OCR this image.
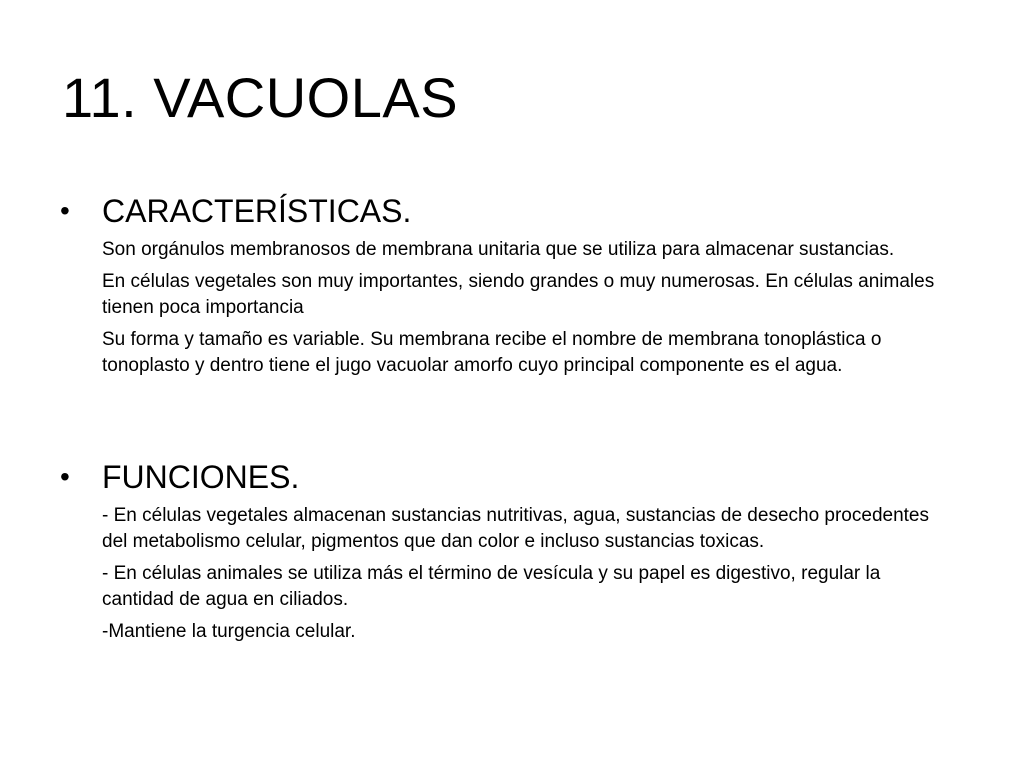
11. VACUOLAS
• CARACTERÍSTICAS.
Son orgánulos membranosos de membrana unitaria que se utiliza para almacenar sustancias.
En células vegetales son muy importantes, siendo grandes o muy numerosas. En células animales tienen poca importancia
Su forma y tamaño es variable. Su membrana recibe el nombre de membrana tonoplástica o tonoplasto y dentro tiene el jugo vacuolar amorfo cuyo principal componente es el agua.
• FUNCIONES.
- En células vegetales almacenan sustancias nutritivas, agua, sustancias de desecho procedentes del metabolismo celular, pigmentos que dan color e incluso sustancias toxicas.
- En células animales se utiliza más el término de vesícula y su papel es digestivo, regular la cantidad de agua en ciliados.
-Mantiene la turgencia celular.
